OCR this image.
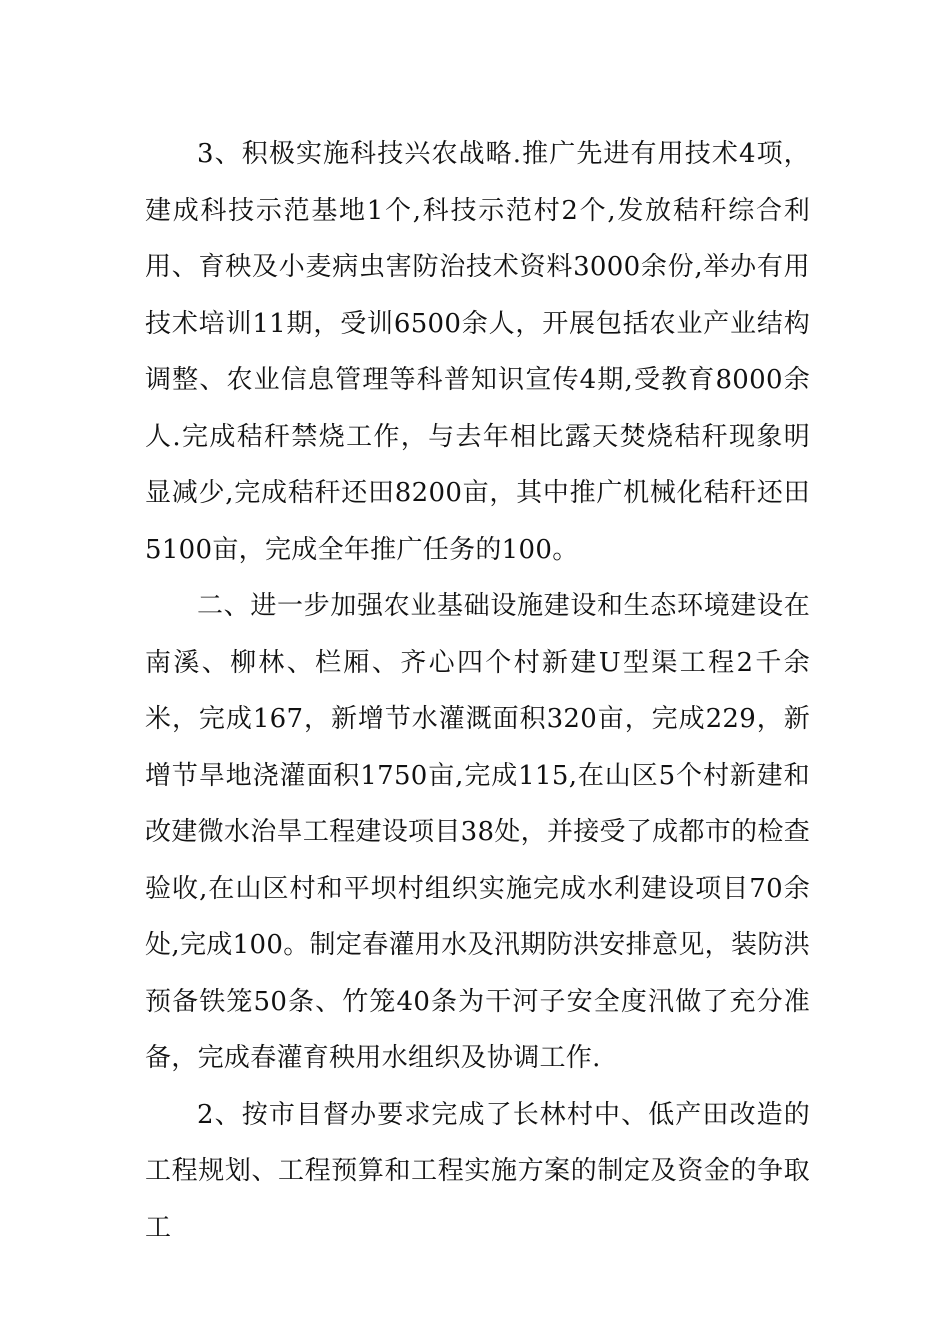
3、积极实施科技兴农战略.推广先进有用技术4项，建成科技示范基地1个,科技示范村2个,发放秸秆综合利用、育秧及小麦病虫害防治技术资料3000余份,举办有用技术培训11期，受训6500余人，开展包括农业产业结构调整、农业信息管理等科普知识宣传4期,受教育8000余人.完成秸秆禁烧工作，与去年相比露天焚烧秸秆现象明显减少,完成秸秆还田8200亩，其中推广机械化秸秆还田5100亩，完成全年推广任务的100。

二、进一步加强农业基础设施建设和生态环境建设在南溪、柳林、栏厢、齐心四个村新建U型渠工程2千余米，完成167，新增节水灌溉面积320亩，完成229，新增节旱地浇灌面积1750亩,完成115,在山区5个村新建和改建微水治旱工程建设项目38处，并接受了成都市的检查验收,在山区村和平坝村组织实施完成水利建设项目70余处,完成100。制定春灌用水及汛期防洪安排意见，装防洪预备铁笼50条、竹笼40条为干河子安全度汛做了充分准备，完成春灌育秧用水组织及协调工作.

2、按市目督办要求完成了长林村中、低产田改造的工程规划、工程预算和工程实施方案的制定及资金的争取工
